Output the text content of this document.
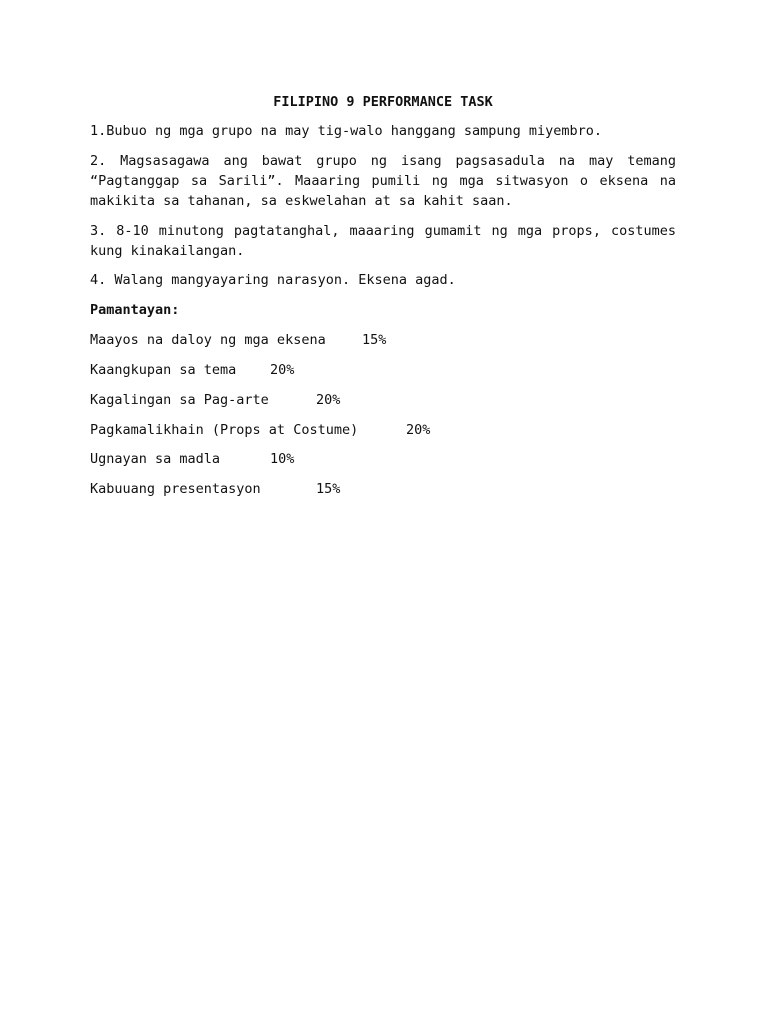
FILIPINO 9 PERFORMANCE TASK
1.Bubuo ng mga grupo na may tig-walo hanggang sampung miyembro.
2. Magsasagawa ang bawat grupo ng isang pagsasadula na may temang “Pagtanggap sa Sarili”. Maaaring pumili ng mga sitwasyon o eksena na makikita sa tahanan, sa eskwelahan at sa kahit saan.
3. 8-10 minutong pagtatanghal, maaaring gumamit ng mga props, costumes kung kinakailangan.
4. Walang mangyayaring narasyon. Eksena agad.
Pamantayan:
Maayos na daloy ng mga eksena	15%
Kaangkupan sa tema 20%
Kagalingan sa Pag-arte	20%
Pagkamalikhain (Props at Costume)	20%
Ugnayan sa madla	10%
Kabuuang presentasyon	15%
